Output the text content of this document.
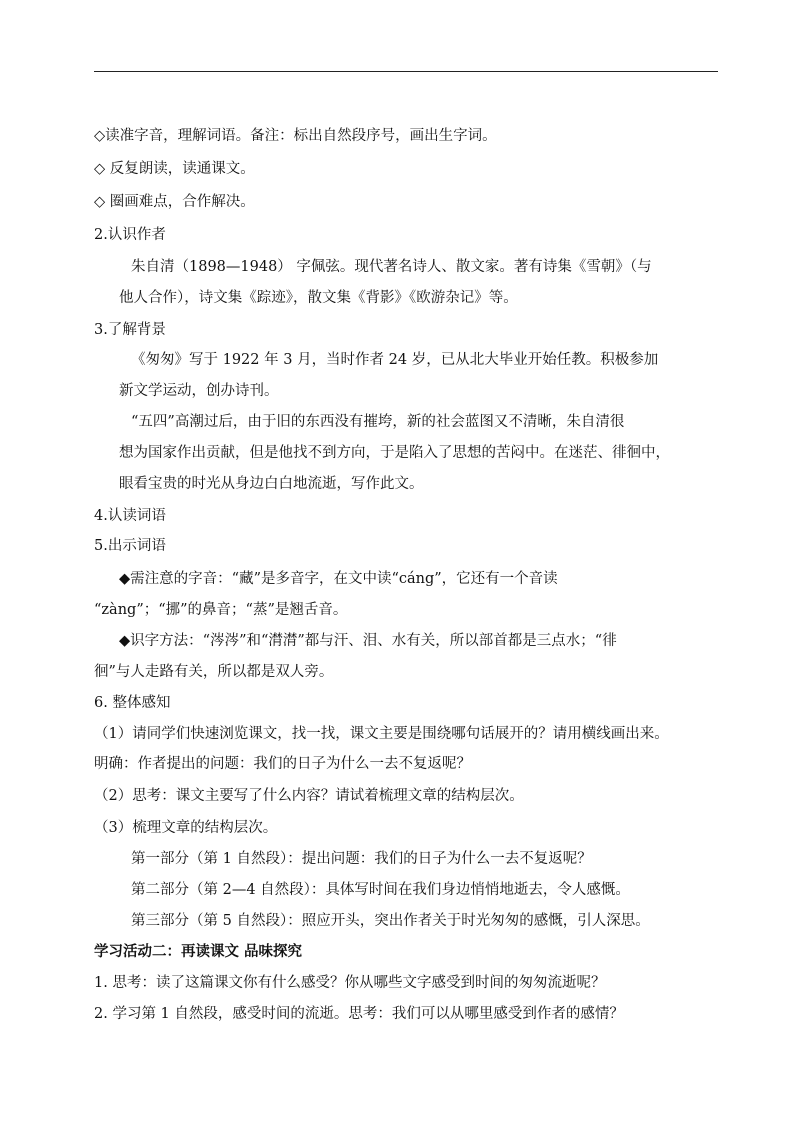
◇读准字音，理解词语。备注：标出自然段序号，画出生字词。
◇ 反复朗读，读通课文。
◇ 圈画难点，合作解决。
2.认识作者
朱自清（1898—1948） 字佩弦。现代著名诗人、散文家。著有诗集《雪朝》（与
他人合作），诗文集《踪迹》，散文集《背影》《欧游杂记》等。
3.了解背景
《匆匆》写于 1922 年 3 月，当时作者 24 岁，已从北大毕业开始任教。积极参加
新文学运动，创办诗刊。
“五四”高潮过后，由于旧的东西没有摧垮，新的社会蓝图又不清晰，朱自清很
想为国家作出贡献，但是他找不到方向，于是陷入了思想的苦闷中。在迷茫、徘徊中，
眼看宝贵的时光从身边白白地流逝，写作此文。
4.认读词语
5.出示词语
◆需注意的字音：“藏”是多音字，在文中读“cáng”，它还有一个音读
“zàng”；“挪”的鼻音；“蒸”是翘舌音。
◆识字方法：“涔涔”和“潸潸”都与汗、泪、水有关，所以部首都是三点水；“徘
徊”与人走路有关，所以都是双人旁。
6. 整体感知
（1）请同学们快速浏览课文，找一找，课文主要是围绕哪句话展开的？请用横线画出来。
明确：作者提出的问题：我们的日子为什么一去不复返呢？
（2）思考：课文主要写了什么内容？请试着梳理文章的结构层次。
（3）梳理文章的结构层次。
第一部分（第 1 自然段）：提出问题：我们的日子为什么一去不复返呢？
第二部分（第 2—4 自然段）：具体写时间在我们身边悄悄地逝去，令人感慨。
第三部分（第 5 自然段）：照应开头，突出作者关于时光匆匆的感慨，引人深思。
学习活动二：再读课文 品味探究
1. 思考：读了这篇课文你有什么感受？你从哪些文字感受到时间的匆匆流逝呢？
2. 学习第 1 自然段，感受时间的流逝。思考：我们可以从哪里感受到作者的感情？
